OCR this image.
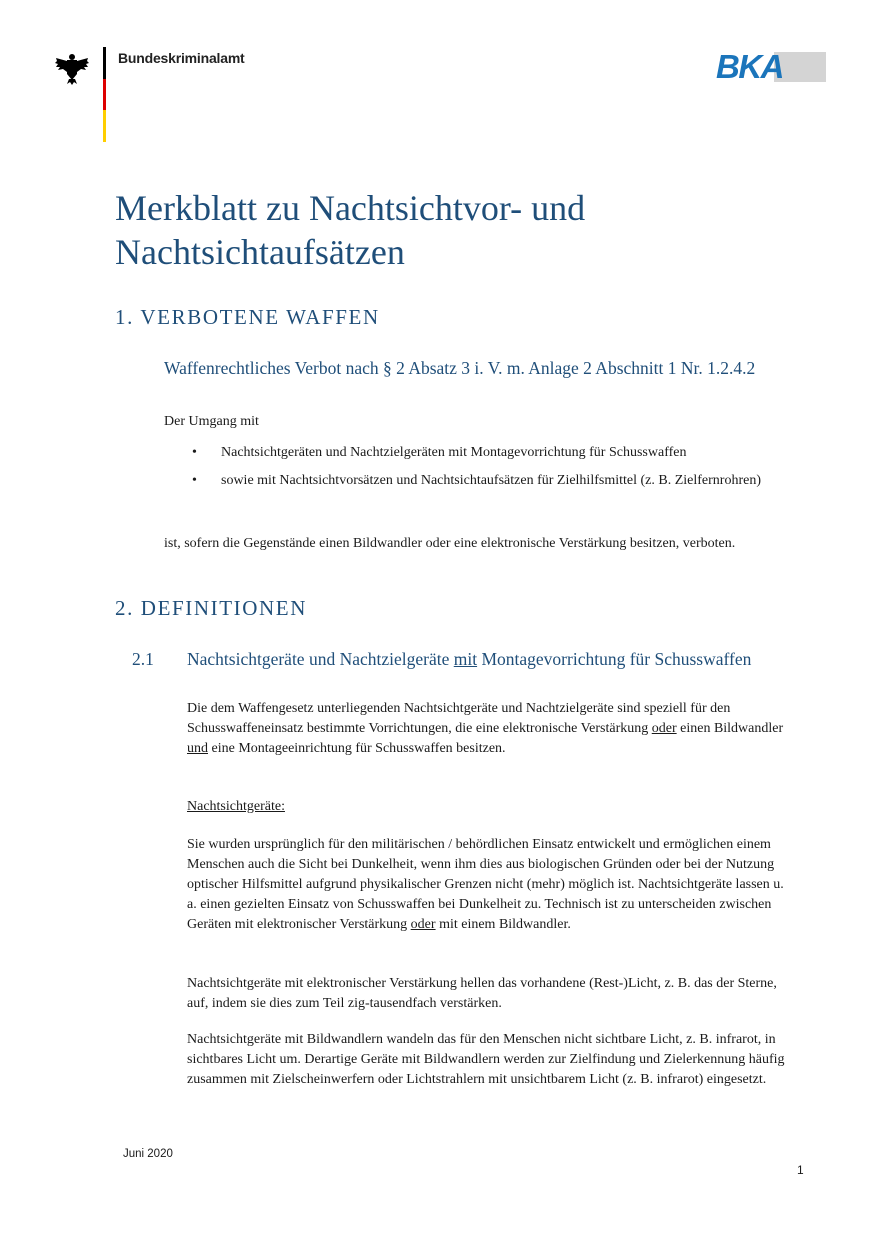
Bundeskriminalamt	BKA
Merkblatt zu Nachtsichtvor- und
Nachtsichtaufsätzen
1. VERBOTENE WAFFEN
Waffenrechtliches Verbot nach § 2 Absatz 3 i. V. m. Anlage 2 Abschnitt 1 Nr. 1.2.4.2
Der Umgang mit
• Nachtsichtgeräten und Nachtzielgeräten mit Montagevorrichtung für Schusswaffen
• sowie mit Nachtsichtvorsätzen und Nachtsichtaufsätzen für Zielhilfsmittel (z. B. Zielfernrohren)
ist, sofern die Gegenstände einen Bildwandler oder eine elektronische Verstärkung besitzen, verboten.
2. DEFINITIONEN
2.1 Nachtsichtgeräte und Nachtzielgeräte mit Montagevorrichtung für Schusswaffen
Die dem Waffengesetz unterliegenden Nachtsichtgeräte und Nachtzielgeräte sind speziell für den Schusswaffeneinsatz bestimmte Vorrichtungen, die eine elektronische Verstärkung oder einen Bildwandler und eine Montageeinrichtung für Schusswaffen besitzen.
Nachtsichtgeräte:
Sie wurden ursprünglich für den militärischen / behördlichen Einsatz entwickelt und ermöglichen einem Menschen auch die Sicht bei Dunkelheit, wenn ihm dies aus biologischen Gründen oder bei der Nutzung optischer Hilfsmittel aufgrund physikalischer Grenzen nicht (mehr) möglich ist. Nachtsichtgeräte lassen u. a. einen gezielten Einsatz von Schusswaffen bei Dunkelheit zu. Technisch ist zu unterscheiden zwischen Geräten mit elektronischer Verstärkung oder mit einem Bildwandler.
Nachtsichtgeräte mit elektronischer Verstärkung hellen das vorhandene (Rest-)Licht, z. B. das der Sterne, auf, indem sie dies zum Teil zig-tausendfach verstärken.
Nachtsichtgeräte mit Bildwandlern wandeln das für den Menschen nicht sichtbare Licht, z. B. infrarot, in sichtbares Licht um. Derartige Geräte mit Bildwandlern werden zur Zielfindung und Zielerkennung häufig zusammen mit Zielscheinwerfern oder Lichtstrahlern mit unsichtbarem Licht (z. B. infrarot) eingesetzt.
Juni 2020
1
